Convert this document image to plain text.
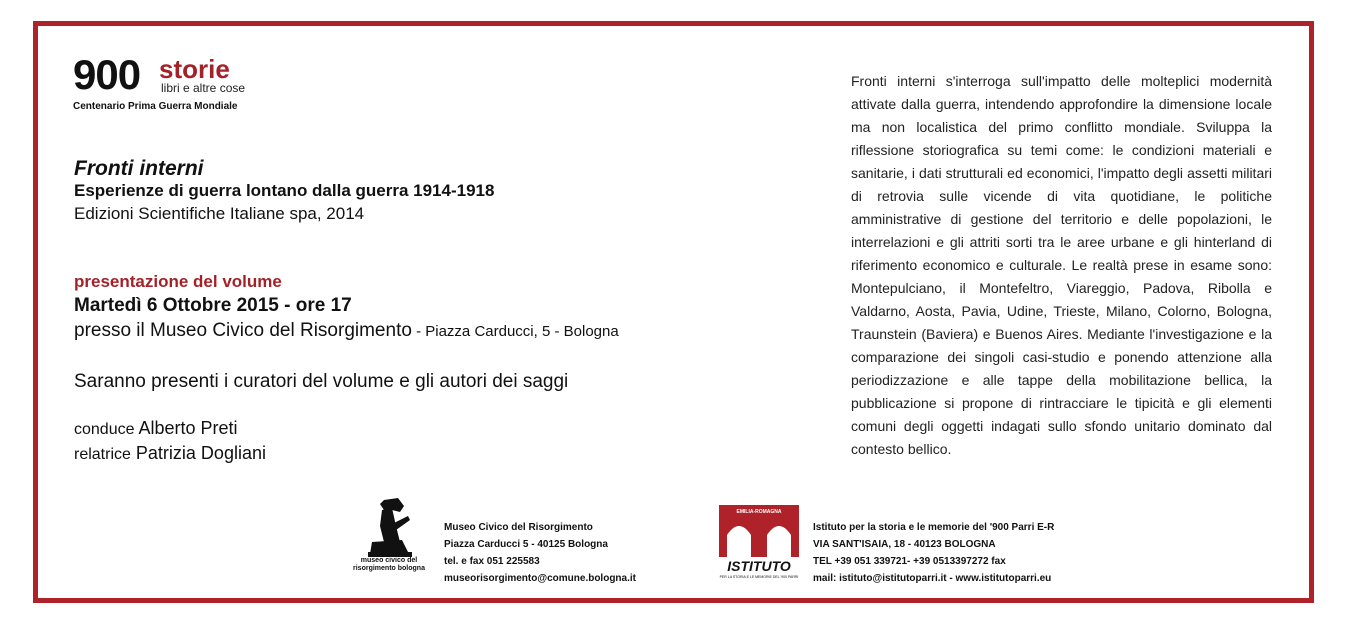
900 storie
libri e altre cose
Centenario Prima Guerra Mondiale
Fronti interni
Esperienze di guerra lontano dalla guerra 1914-1918
Edizioni Scientifiche Italiane spa, 2014
presentazione del volume
Martedì 6 Ottobre 2015 - ore 17
presso il Museo Civico del Risorgimento - Piazza Carducci, 5 - Bologna
Saranno presenti i curatori del volume e gli autori dei saggi
conduce Alberto Preti
relatrice Patrizia Dogliani
Fronti interni s'interroga sull'impatto delle molteplici modernità attivate dalla guerra, intendendo approfondire la dimensione locale ma non localistica del primo conflitto mondiale. Sviluppa la riflessione storiografica su temi come: le condizioni materiali e sanitarie, i dati strutturali ed economici, l'impatto degli assetti militari di retrovia sulle vicende di vita quotidiane, le politiche amministrative di gestione del territorio e delle popolazioni, le interrelazioni e gli attriti sorti tra le aree urbane e gli hinterland di riferimento economico e culturale. Le realtà prese in esame sono: Montepulciano, il Montefeltro, Viareggio, Padova, Ribolla e Valdarno, Aosta, Pavia, Udine, Trieste, Milano, Colorno, Bologna, Traunstein (Baviera) e Buenos Aires. Mediante l'investigazione e la comparazione dei singoli casi-studio e ponendo attenzione alla periodizzazione e alle tappe della mobilitazione bellica, la pubblicazione si propone di rintracciare le tipicità e gli elementi comuni degli oggetti indagati sullo sfondo unitario dominato dal contesto bellico.
museo civico del risorgimento bologna
Museo Civico del Risorgimento
Piazza Carducci 5 - 40125 Bologna
tel. e fax 051 225583
museorisorgimento@comune.bologna.it
EMILIA-ROMAGNA
ISTITUTO
PER LA STORIA E LE MEMORIE DEL '900 PARRI
Istituto per la storia e le memorie del '900 Parri E-R
VIA SANT'ISAIA, 18 - 40123 BOLOGNA
TEL +39 051 339721- +39 0513397272 fax
mail: istituto@istitutoparri.it - www.istitutoparri.eu
